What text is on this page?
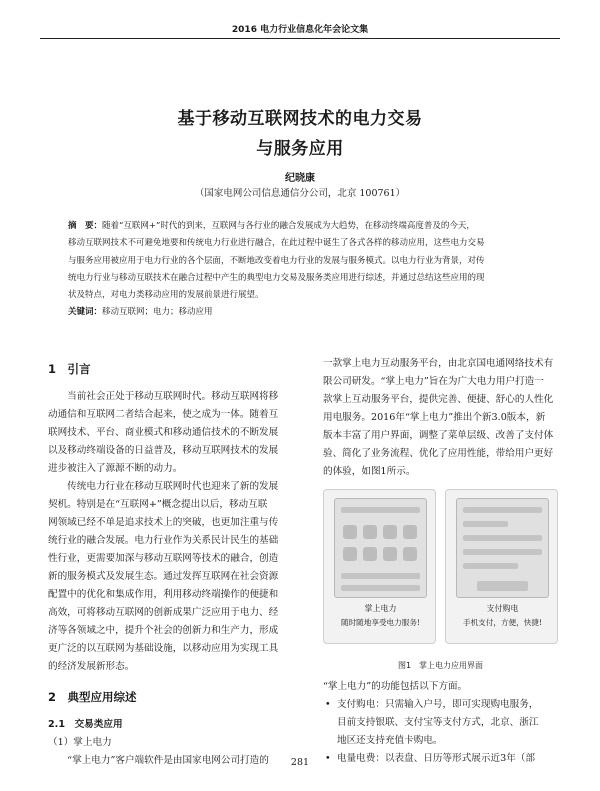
2016 电力行业信息化年会论文集
基于移动互联网技术的电力交易
与服务应用
纪晓康
（国家电网公司信息通信分公司，北京 100761）
摘　要：随着“互联网+”时代的到来，互联网与各行业的融合发展成为大趋势，在移动终端高度普及的今天，
移动互联网技术不可避免地要和传统电力行业进行融合，在此过程中诞生了各式各样的移动应用，这些电力交易
与服务应用被应用于电力行业的各个层面，不断地改变着电力行业的发展与服务模式。以电力行业为背景，对传
统电力行业与移动互联技术在融合过程中产生的典型电力交易及服务类应用进行综述，并通过总结这些应用的现
状及特点，对电力类移动应用的发展前景进行展望。
关键词：移动互联网；电力；移动应用
1　引言
　　当前社会正处于移动互联网时代。移动互联网将移
动通信和互联网二者结合起来，使之成为一体。随着互
联网技术、平台、商业模式和移动通信技术的不断发展
以及移动终端设备的日益普及，移动互联网技术的发展
进步被注入了源源不断的动力。
　　传统电力行业在移动互联网时代也迎来了新的发展
契机。特别是在“互联网+”概念提出以后，移动互联
网领域已经不单是追求技术上的突破，也更加注重与传
统行业的融合发展。电力行业作为关系民计民生的基础
性行业，更需要加深与移动互联网等技术的融合，创造
新的服务模式及发展生态。通过发挥互联网在社会资源
配置中的优化和集成作用，利用移动终端操作的便捷和
高效，可将移动互联网的创新成果广泛应用于电力、经
济等各领域之中，提升个社会的创新力和生产力，形成
更广泛的以互联网为基础设施，以移动应用为实现工具
的经济发展新形态。
2　典型应用综述
2.1　交易类应用
（1）掌上电力
　　“掌上电力”客户端软件是由国家电网公司打造的
一款掌上电力互动服务平台，由北京国电通网络技术有
限公司研发。“掌上电力”旨在为广大电力用户打造一
款掌上互动服务平台，提供完善、便捷、舒心的人性化
用电服务。2016年“掌上电力”推出个新3.0版本，新
版本丰富了用户界面，调整了菜单层级、改善了支付体
验、简化了业务流程、优化了应用性能，带给用户更好
的体验，如图1所示。
掌上电力
随时随地享受电力服务!
支付购电
手机支付，方便，快捷!
图1　掌上电力应用界面
“掌上电力”的功能包括以下方面。
• 支付购电：只需输入户号，即可实现购电服务，
目前支持银联、支付宝等支付方式，北京、浙江
地区还支持充值卡购电。
• 电量电费：以表盘、日历等形式展示近3年（部
281
